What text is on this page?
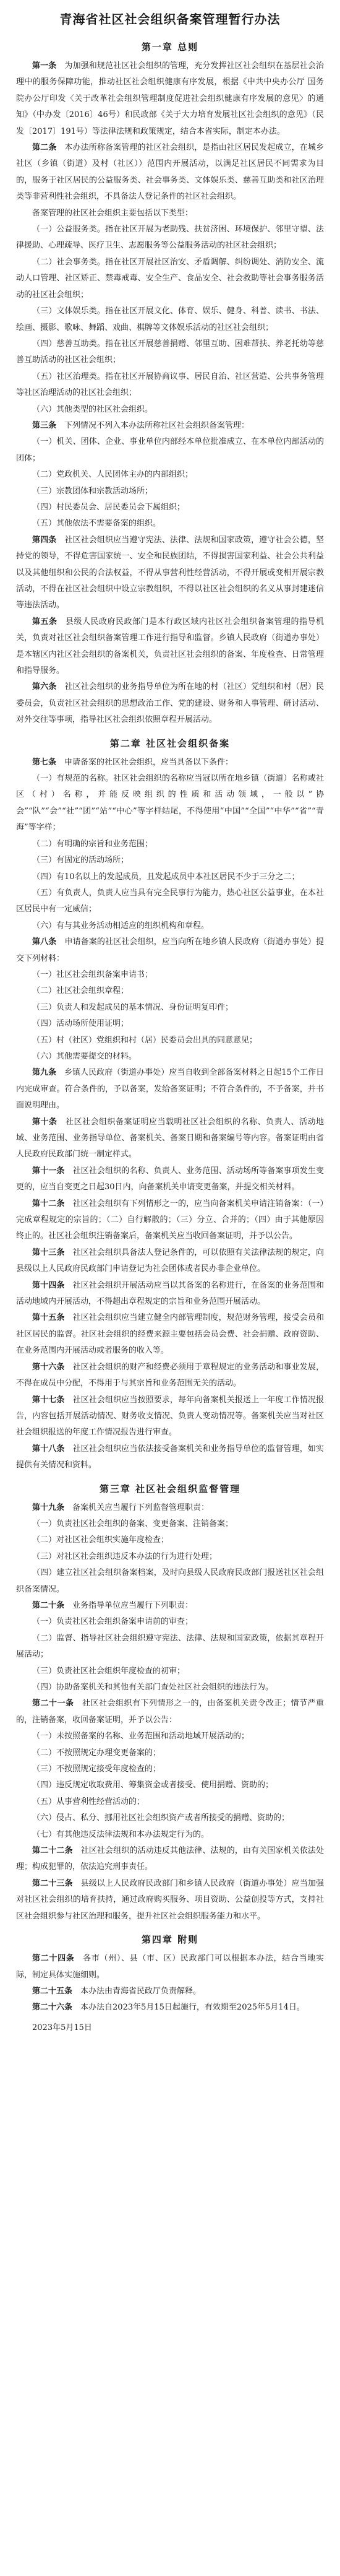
青海省社区社会组织备案管理暂行办法
第一章 总则

第一条　 为加强和规范社区社会组织的管理，充分发挥社区社会组织在基层社会治理中的服务保障功能，推动社区社会组织健康有序发展，根据《中共中央办公厅 国务院办公厅印发〈关于改革社会组织管理制度促进社会组织健康有序发展的意见〉的通知》（中办发〔2016〕46号）和民政部《关于大力培育发展社区社会组织的意见》（民发〔2017〕191号）等法律法规和政策规定，结合本省实际，制定本办法。

第二条　 本办法所称备案管理的社区社会组织，是指由社区居民发起成立，在城乡社区（乡镇（街道）及村（社区））范围内开展活动，以满足社区居民不同需求为目的，服务于社区居民的公益服务类、社会事务类、文体娱乐类、慈善互助类和社区治理类等非营利性社会组织，不具备法人登记条件的社区社会组织。

备案管理的社区社会组织主要包括以下类型：

（一）公益服务类。指在社区开展为老助残、扶贫济困、环境保护、邻里守望、法律援助、心理疏导、医疗卫生、志愿服务等公益服务活动的社区社会组织；

（二）社会事务类。指在社区开展社区治安、矛盾调解、纠纷调处、消防安全、流动人口管理、社区矫正、禁毒戒毒、安全生产、食品安全、社会救助等社会事务服务活动的社区社会组织；

（三）文体娱乐类。指在社区开展文化、体育、娱乐、健身、科普、读书、书法、绘画、摄影、歌咏、舞蹈、戏曲、棋牌等文体娱乐活动的社区社会组织；

（四）慈善互助类。指在社区开展慈善捐赠、邻里互助、困难帮扶、养老托幼等慈善互助活动的社区社会组织；

（五）社区治理类。指在社区开展协商议事、居民自治、社区营造、公共事务管理等社区治理活动的社区社会组织；

（六）其他类型的社区社会组织。

第三条　 下列情况不列入本办法所称社区社会组织备案管理：

（一）机关、团体、企业、事业单位内部经本单位批准成立、在本单位内部活动的团体；

（二）党政机关、人民团体主办的内部组织；

（三）宗教团体和宗教活动场所；

（四）村民委员会、居民委员会下属组织；

（五）其他依法不需要备案的组织。

第四条　 社区社会组织应当遵守宪法、法律、法规和国家政策，遵守社会公德，坚持党的领导，不得危害国家统一、安全和民族团结，不得损害国家利益、社会公共利益以及其他组织和公民的合法权益，不得从事营利性经营活动，不得开展或变相开展宗教活动，不得在社区社会组织中设立宗教组织，不得以社区社会组织的名义从事封建迷信等违法活动。

第五条　 县级人民政府民政部门是本行政区域内社区社会组织备案管理的指导机关，负责对社区社会组织备案管理工作进行指导和监督。乡镇人民政府（街道办事处）是本辖区内社区社会组织的备案机关，负责社区社会组织的备案、年度检查、日常管理和指导服务。

第六条　 社区社会组织的业务指导单位为所在地的村（社区）党组织和村（居）民委员会，负责社区社会组织的思想政治工作、党的建设、财务和人事管理、研讨活动、对外交往等事项，指导社区社会组织依照章程开展活动。

第二章 社区社会组织备案

第七条　 申请备案的社区社会组织，应当具备以下条件：

（一）有规范的名称。社区社会组织的名称应当冠以所在地乡镇（街道）名称或社区（村）名称，并能反映组织的性质和活动领域，一般以“协会”“队”“会”“社”“团”“站”“中心”等字样结尾，不得使用“中国”“全国”“中华”“省”“青海”等字样；

（二）有明确的宗旨和业务范围；

（三）有固定的活动场所；

（四）有10名以上的发起成员，且发起成员中本社区居民不少于三分之二；

（五）有负责人，负责人应当具有完全民事行为能力，热心社区公益事业，在本社区居民中有一定威信；

（六）有与其业务活动相适应的组织机构和章程。

第八条　 申请备案的社区社会组织，应当向所在地乡镇人民政府（街道办事处）提交下列材料：

（一）社区社会组织备案申请书；

（二）社区社会组织章程；

（三）负责人和发起成员的基本情况、身份证明复印件；

（四）活动场所使用证明；

（五）村（社区）党组织和村（居）民委员会出具的同意意见；

（六）其他需要提交的材料。

第九条　 乡镇人民政府（街道办事处）应当自收到全部备案材料之日起15个工作日内完成审查。符合条件的，予以备案，发给备案证明；不符合条件的，不予备案，并书面说明理由。

第十条　 社区社会组织备案证明应当载明社区社会组织的名称、负责人、活动地域、业务范围、业务指导单位、备案机关、备案日期和备案编号等内容。备案证明由省人民政府民政部门统一制定样式。

第十一条　 社区社会组织的名称、负责人、业务范围、活动场所等备案事项发生变更的，应当自变更之日起30日内，向备案机关申请变更备案，并提交相关材料。

第十二条　 社区社会组织有下列情形之一的，应当向备案机关申请注销备案：（一）完成章程规定的宗旨的；（二）自行解散的；（三）分立、合并的；（四）由于其他原因终止的。社区社会组织注销备案后，备案机关应当收回备案证明，并予以公告。

第十三条　 社区社会组织具备法人登记条件的，可以依照有关法律法规的规定，向县级以上人民政府民政部门申请登记为社会团体或者民办非企业单位。

第十四条　 社区社会组织开展活动应当以其备案的名称进行，在备案的业务范围和活动地域内开展活动，不得超出章程规定的宗旨和业务范围开展活动。

第十五条　 社区社会组织应当建立健全内部管理制度，规范财务管理，接受会员和社区居民的监督。社区社会组织的经费来源主要包括会员会费、社会捐赠、政府资助、在业务范围内开展活动或者服务的收入等。

第十六条　 社区社会组织的财产和经费必须用于章程规定的业务活动和事业发展，不得在成员中分配，不得用于与其宗旨和业务范围无关的活动。

第十七条　 社区社会组织应当按照要求，每年向备案机关报送上一年度工作情况报告，内容包括开展活动情况、财务收支情况、负责人变动情况等。备案机关应当对社区社会组织报送的年度工作情况报告进行审查。

第十八条　 社区社会组织应当依法接受备案机关和业务指导单位的监督管理，如实提供有关情况和资料。

第三章 社区社会组织监督管理

第十九条　 备案机关应当履行下列监督管理职责：

（一）负责社区社会组织的备案、变更备案、注销备案；

（二）对社区社会组织实施年度检查；

（三）对社区社会组织违反本办法的行为进行处理；

（四）建立社区社会组织备案档案，及时向县级人民政府民政部门报送社区社会组织备案情况。

第二十条　 业务指导单位应当履行下列职责：

（一）负责社区社会组织备案申请前的审查；

（二）监督、指导社区社会组织遵守宪法、法律、法规和国家政策，依据其章程开展活动；

（三）负责社区社会组织年度检查的初审；

（四）协助备案机关和其他有关部门查处社区社会组织的违法行为。

第二十一条　 社区社会组织有下列情形之一的，由备案机关责令改正；情节严重的，注销备案，收回备案证明，并予以公告：

（一）未按照备案的名称、业务范围和活动地域开展活动的；

（二）不按照规定办理变更备案的；

（三）不按照规定接受年度检查的；

（四）违反规定收取费用、筹集资金或者接受、使用捐赠、资助的；

（五）从事营利性经营活动的；

（六）侵占、私分、挪用社区社会组织资产或者所接受的捐赠、资助的；

（七）有其他违反法律法规和本办法规定行为的。

第二十二条　 社区社会组织的活动违反其他法律、法规的，由有关国家机关依法处理；构成犯罪的，依法追究刑事责任。

第二十三条　 县级以上人民政府民政部门和乡镇人民政府（街道办事处）应当加强对社区社会组织的培育扶持，通过政府购买服务、项目资助、公益创投等方式，支持社区社会组织参与社区治理和服务，提升社区社会组织服务能力和水平。

第四章 附则

第二十四条　 各市（州）、县（市、区）民政部门可以根据本办法，结合当地实际，制定具体实施细则。

第二十五条　 本办法由青海省民政厅负责解释。

第二十六条　 本办法自2023年5月15日起施行，有效期至2025年5月14日。

2023年5月15日
